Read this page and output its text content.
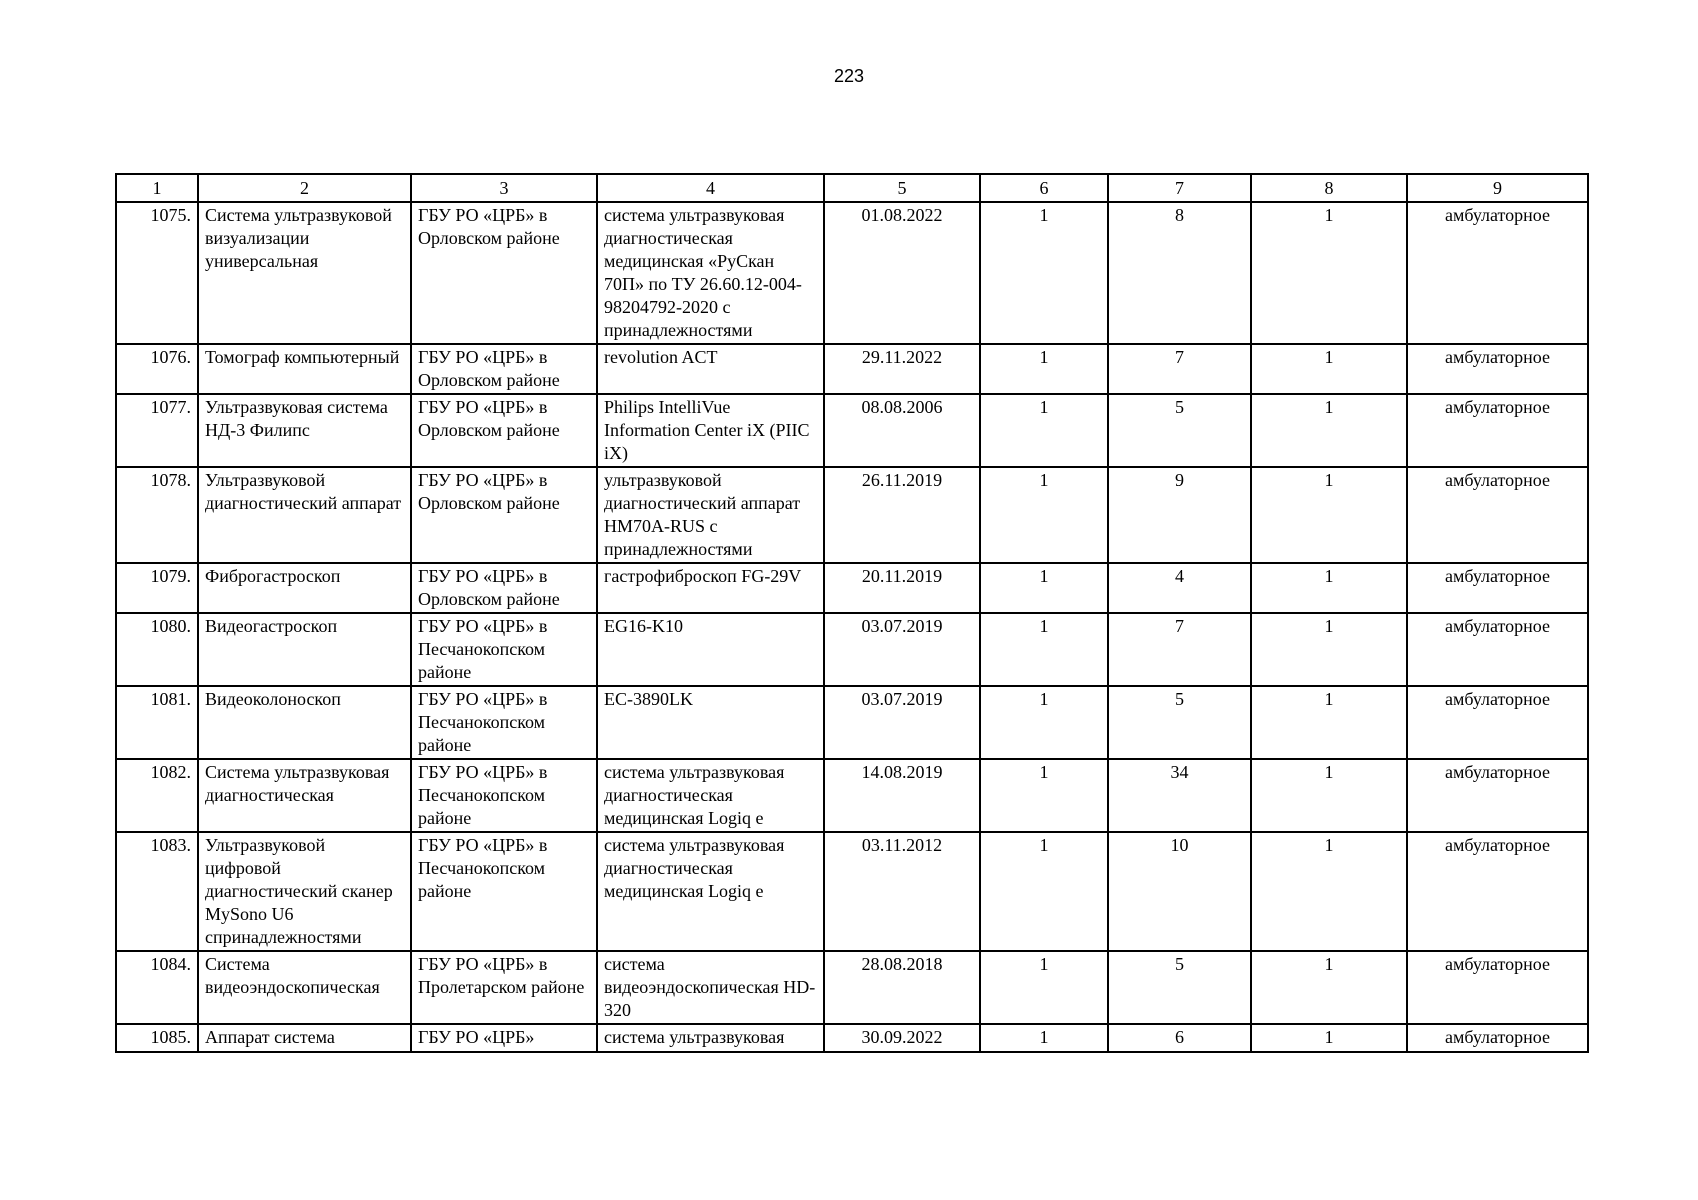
223
1	2	3	4	5	6	7	8	9
1075.	Система ультразвуковой визуализации универсальная	ГБУ РО «ЦРБ» в Орловском районе	система ультразвуковая диагностическая медицинская «РуСкан 70П» по ТУ 26.60.12-004-98204792-2020 с принадлежностями	01.08.2022	1	8	1	амбулаторное
1076.	Томограф компьютерный	ГБУ РО «ЦРБ» в Орловском районе	revolution ACT	29.11.2022	1	7	1	амбулаторное
1077.	Ультразвуковая система НД-3 Филипс	ГБУ РО «ЦРБ» в Орловском районе	Philips IntelliVue Information Center iX (PIIC iX)	08.08.2006	1	5	1	амбулаторное
1078.	Ультразвуковой диагностический аппарат	ГБУ РО «ЦРБ» в Орловском районе	ультразвуковой диагностический аппарат НМ70А-RUS с принадлежностями	26.11.2019	1	9	1	амбулаторное
1079.	Фиброгастроскоп	ГБУ РО «ЦРБ» в Орловском районе	гастрофиброскоп FG-29V	20.11.2019	1	4	1	амбулаторное
1080.	Видеогастроскоп	ГБУ РО «ЦРБ» в Песчанокопском районе	EG16-K10	03.07.2019	1	7	1	амбулаторное
1081.	Видеоколоноскоп	ГБУ РО «ЦРБ» в Песчанокопском районе	EC-3890LK	03.07.2019	1	5	1	амбулаторное
1082.	Система ультразвуковая диагностическая	ГБУ РО «ЦРБ» в Песчанокопском районе	система ультразвуковая диагностическая медицинская Logiq e	14.08.2019	1	34	1	амбулаторное
1083.	Ультразвуковой цифровой диагностический сканер MySono U6 спринадлежностями	ГБУ РО «ЦРБ» в Песчанокопском районе	система ультразвуковая диагностическая медицинская Logiq e	03.11.2012	1	10	1	амбулаторное
1084.	Система видеоэндоскопическая	ГБУ РО «ЦРБ» в Пролетарском районе	система видеоэндоскопическая HD-320	28.08.2018	1	5	1	амбулаторное
1085.	Аппарат система	ГБУ РО «ЦРБ»	система ультразвуковая	30.09.2022	1	6	1	амбулаторное
